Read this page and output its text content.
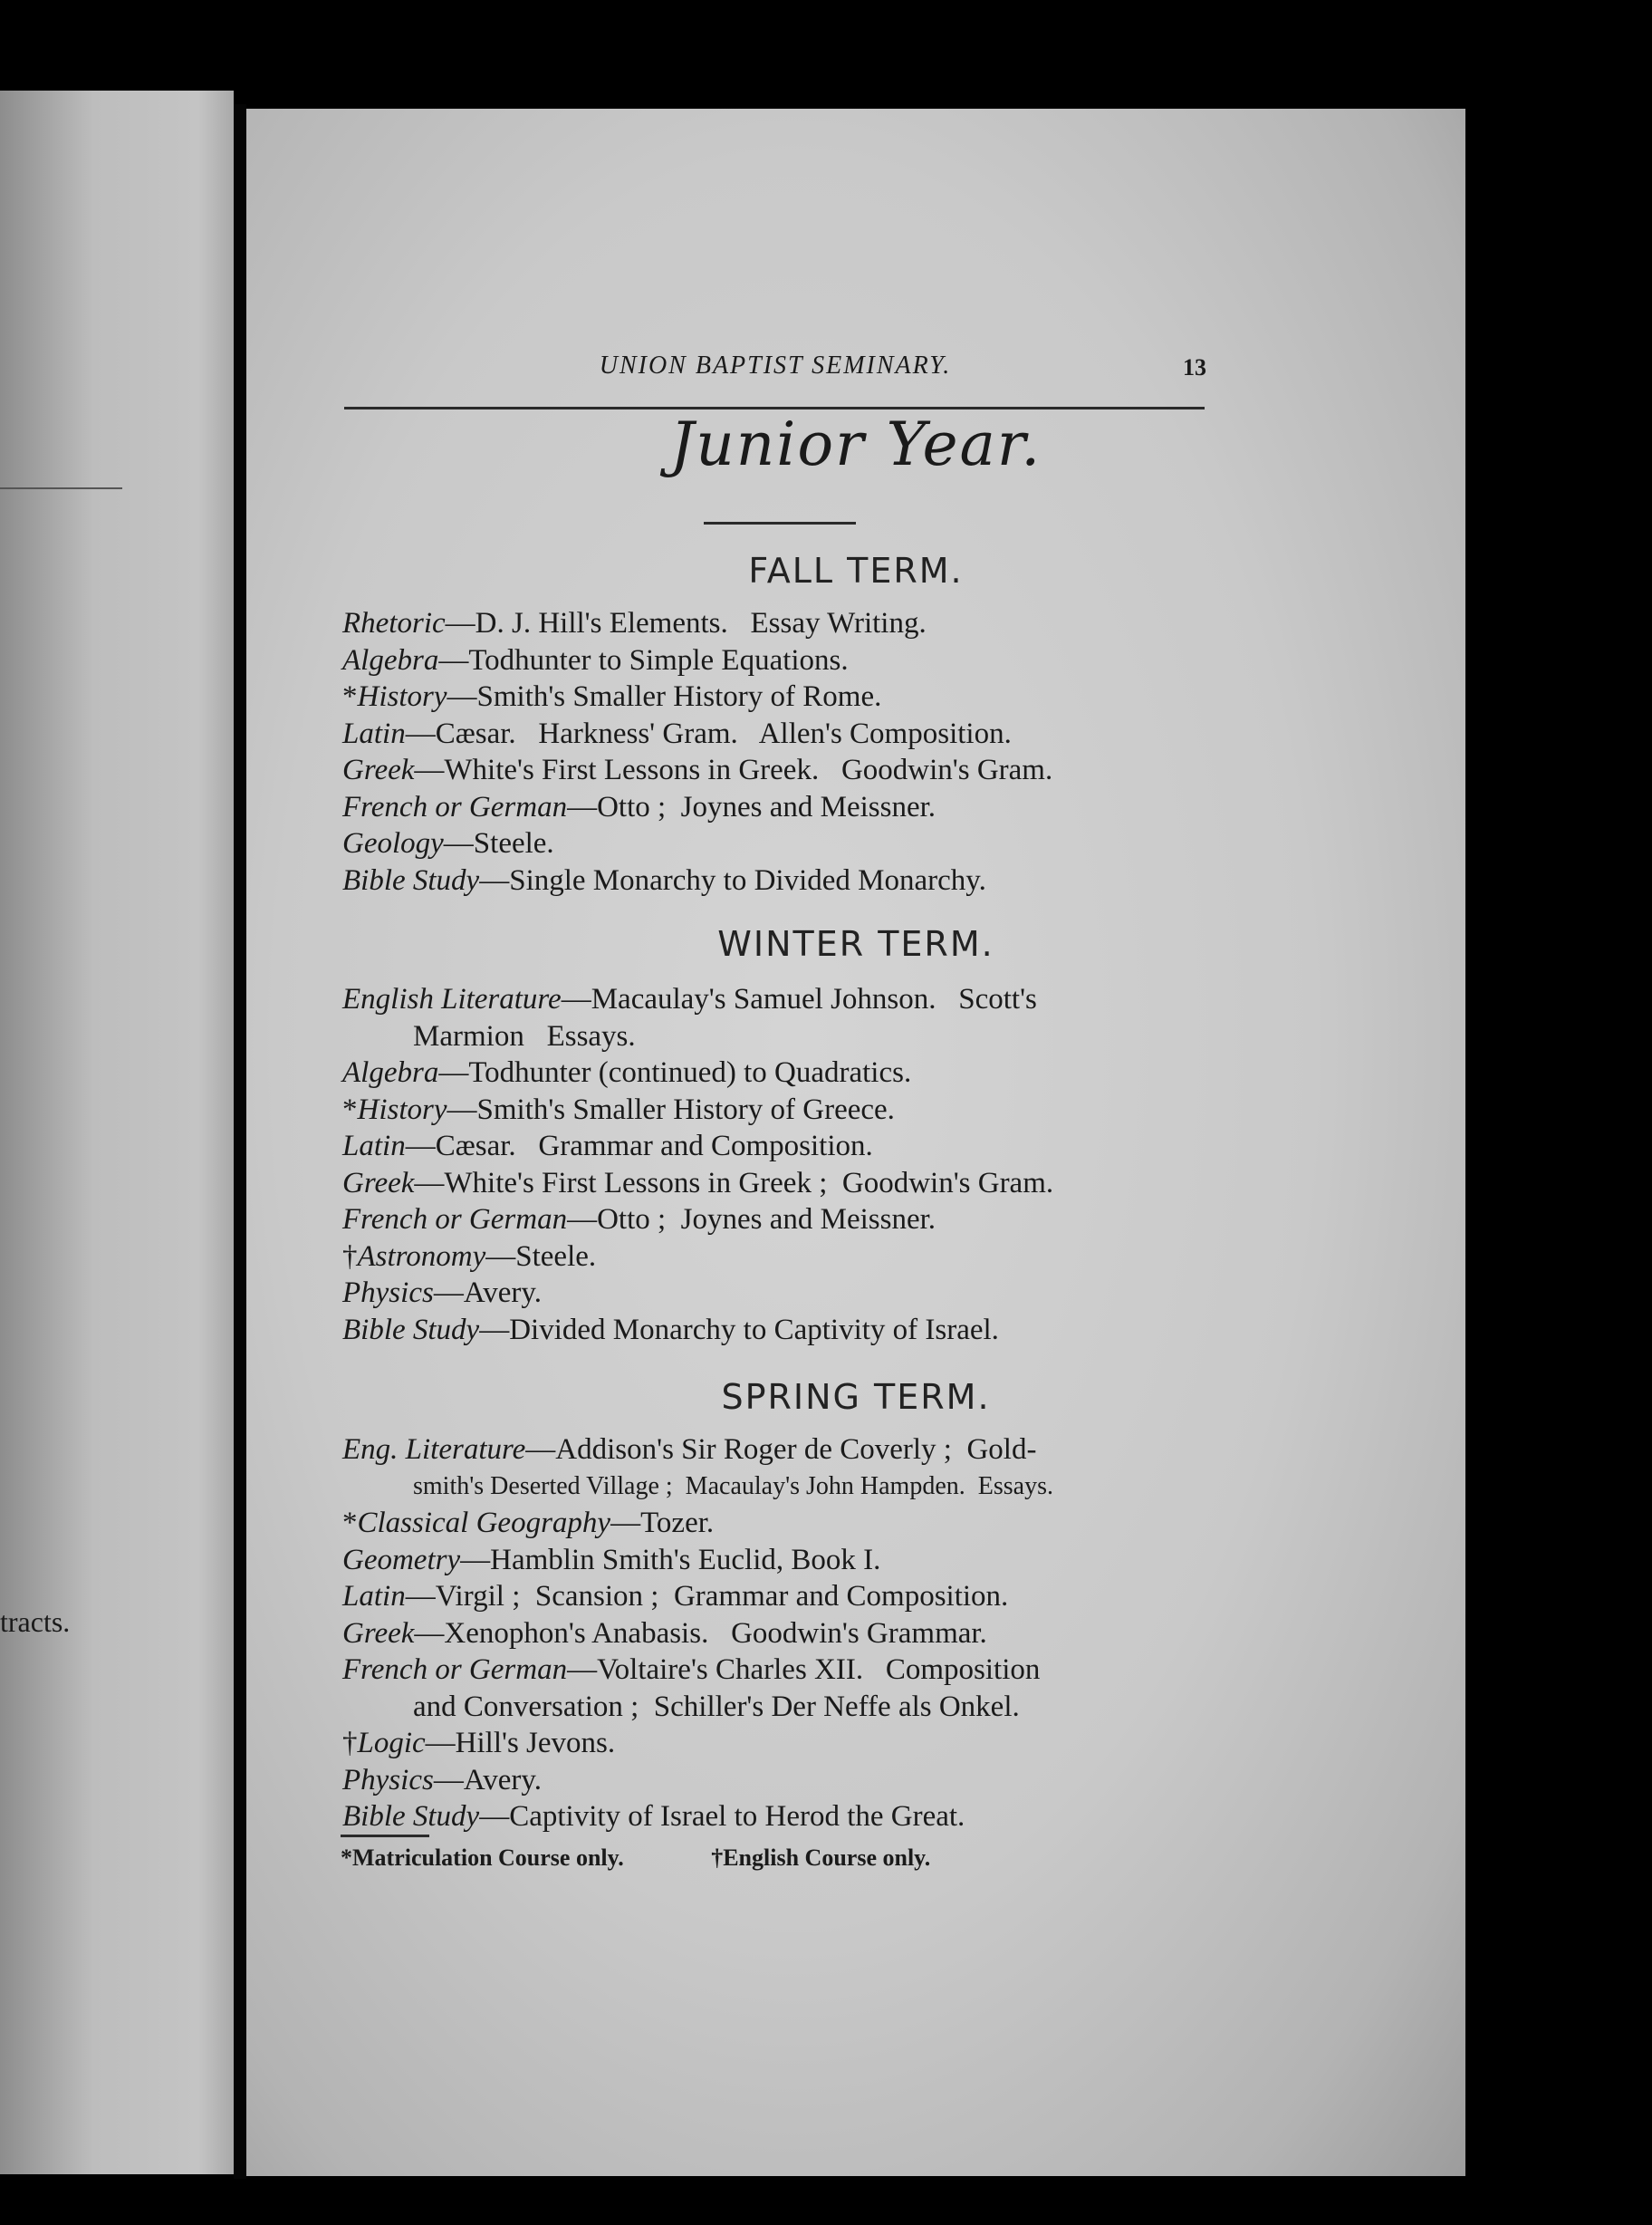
tracts.
UNION BAPTIST SEMINARY.	13
Junior Year.
FALL TERM.
Rhetoric—D. J. Hill's Elements.   Essay Writing.
Algebra—Todhunter to Simple Equations.
*History—Smith's Smaller History of Rome.
Latin—Cæsar.   Harkness' Gram.   Allen's Composition.
Greek—White's First Lessons in Greek.   Goodwin's Gram.
French or German—Otto ;  Joynes and Meissner.
Geology—Steele.
Bible Study—Single Monarchy to Divided Monarchy.
WINTER TERM.
English Literature—Macaulay's Samuel Johnson.   Scott's
Marmion   Essays.
Algebra—Todhunter (continued) to Quadratics.
*History—Smith's Smaller History of Greece.
Latin—Cæsar.   Grammar and Composition.
Greek—White's First Lessons in Greek ;  Goodwin's Gram.
French or German—Otto ;  Joynes and Meissner.
†Astronomy—Steele.
Physics—Avery.
Bible Study—Divided Monarchy to Captivity of Israel.
SPRING TERM.
Eng. Literature—Addison's Sir Roger de Coverly ;  Gold-
smith's Deserted Village ;  Macaulay's John Hampden.  Essays.
*Classical Geography—Tozer.
Geometry—Hamblin Smith's Euclid, Book I.
Latin—Virgil ;  Scansion ;  Grammar and Composition.
Greek—Xenophon's Anabasis.   Goodwin's Grammar.
French or German—Voltaire's Charles XII.   Composition
and Conversation ;  Schiller's Der Neffe als Onkel.
†Logic—Hill's Jevons.
Physics—Avery.
Bible Study—Captivity of Israel to Herod the Great.
*Matriculation Course only.	†English Course only.
